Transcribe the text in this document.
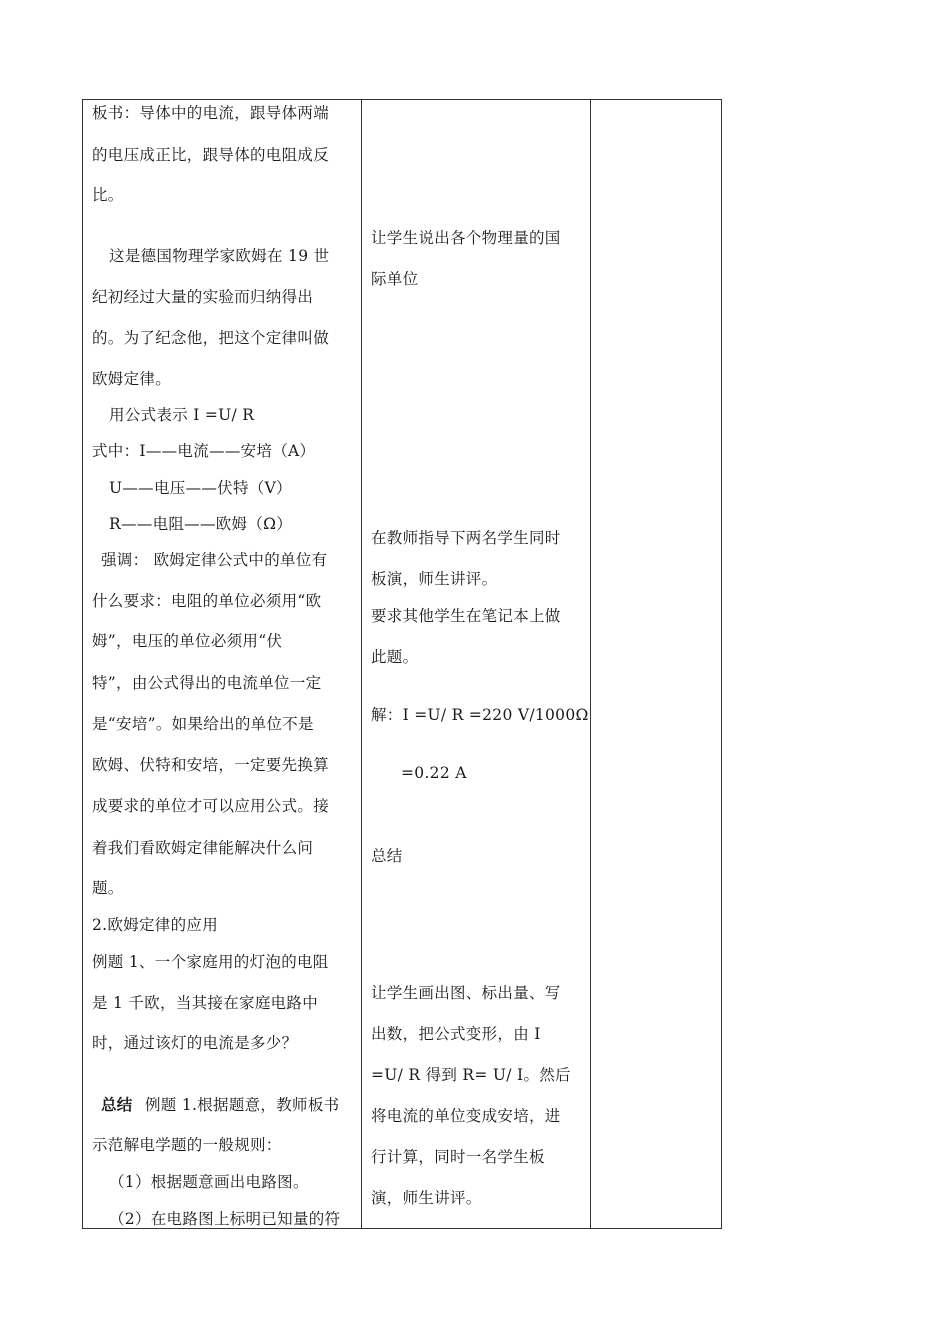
板书：导体中的电流，跟导体两端
的电压成正比，跟导体的电阻成反
比。
这是德国物理学家欧姆在 19 世
纪初经过大量的实验而归纳得出
的。为了纪念他，把这个定律叫做
欧姆定律。
用公式表示 I =U/ R
式中：I——电流——安培（A）
U——电压——伏特（V）
R——电阻——欧姆（Ω）
强调： 欧姆定律公式中的单位有
什么要求：电阻的单位必须用“欧
姆”，电压的单位必须用“伏
特”，由公式得出的电流单位一定
是“安培”。如果给出的单位不是
欧姆、伏特和安培，一定要先换算
成要求的单位才可以应用公式。接
着我们看欧姆定律能解决什么问
题。
2.欧姆定律的应用
例题 1、一个家庭用的灯泡的电阻
是 1 千欧，当其接在家庭电路中
时，通过该灯的电流是多少？
总结 例题 1.根据题意，教师板书
示范解电学题的一般规则：
（1）根据题意画出电路图。
（2）在电路图上标明已知量的符
让学生说出各个物理量的国
际单位
在教师指导下两名学生同时
板演，师生讲评。
要求其他学生在笔记本上做
此题。
解：I =U/ R =220 V/1000Ω
=0.22 A
总结
让学生画出图、标出量、写
出数，把公式变形，由 I
=U/ R 得到 R= U/ I。然后
将电流的单位变成安培，进
行计算，同时一名学生板
演，师生讲评。
